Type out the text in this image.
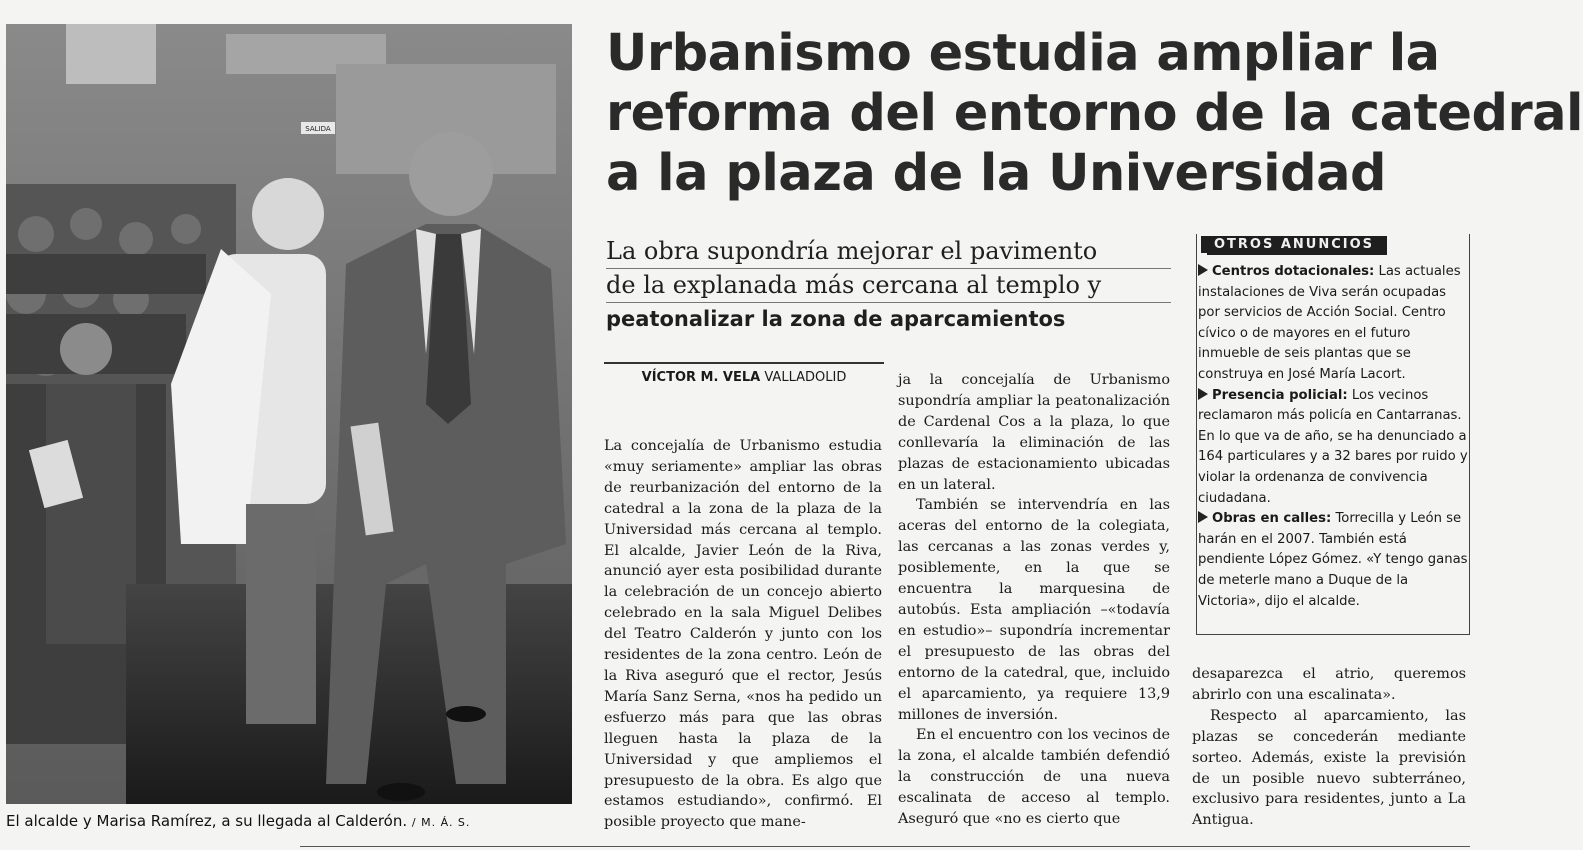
SALIDA
El alcalde y Marisa Ramírez, a su llegada al Calderón. / M. Á. S.
Urbanismo estudia ampliar la
reforma del entorno de la catedral
a la plaza de la Universidad
La obra supondría mejorar el pavimento
de la explanada más cercana al templo y
peatonalizar la zona de aparcamientos
VÍCTOR M. VELA VALLADOLID

La concejalía de Urbanismo estudia «muy seriamente» ampliar las obras de reurbanización del entorno de la catedral a la zona de la plaza de la Universidad más cercana al templo. El alcalde, Javier León de la Riva, anunció ayer esta posibilidad durante la celebración de un concejo abierto celebrado en la sala Miguel Delibes del Teatro Calderón y junto con los residentes de la zona centro. León de la Riva aseguró que el rector, Jesús María Sanz Serna, «nos ha pedido un esfuerzo más para que las obras lleguen hasta la plaza de la Universidad y que ampliemos el presupuesto de la obra. Es algo que estamos estudiando», confirmó. El posible proyecto que mane-

ja la concejalía de Urbanismo supondría ampliar la peatonalización de Cardenal Cos a la plaza, lo que conllevaría la eliminación de las plazas de estacionamiento ubicadas en un lateral.

También se intervendría en las aceras del entorno de la colegiata, las cercanas a las zonas verdes y, posiblemente, en la que se encuentra la marquesina de autobús. Esta ampliación –«todavía en estudio»– supondría incrementar el presupuesto de las obras del entorno de la catedral, que, incluido el aparcamiento, ya requiere 13,9 millones de inversión.

En el encuentro con los vecinos de la zona, el alcalde también defendió la construcción de una nueva escalinata de acceso al templo. Aseguró que «no es cierto que

desaparezca el atrio, queremos abrirlo con una escalinata».

Respecto al aparcamiento, las plazas se concederán mediante sorteo. Además, existe la previsión de un posible nuevo subterráneo, exclusivo para residentes, junto a La Antigua.

OTROS ANUNCIOS

Centros dotacionales: Las actuales instalaciones de Viva serán ocupadas por servicios de Acción Social. Centro cívico o de mayores en el futuro inmueble de seis plantas que se construya en José María Lacort.

Presencia policial: Los vecinos reclamaron más policía en Cantarranas. En lo que va de año, se ha denunciado a 164 particulares y a 32 bares por ruido y violar la ordenanza de convivencia ciudadana.

Obras en calles: Torrecilla y León se harán en el 2007. También está pendiente López Gómez. «Y tengo ganas de meterle mano a Duque de la Victoria», dijo el alcalde.
